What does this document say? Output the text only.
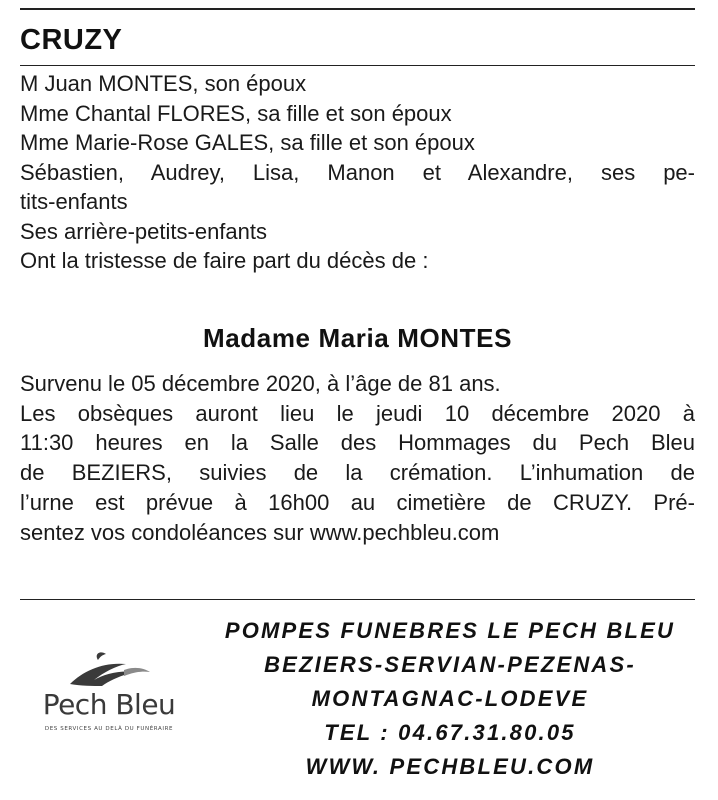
CRUZY
M Juan MONTES, son époux
Mme Chantal FLORES, sa fille et son époux
Mme Marie-Rose GALES, sa fille et son époux
Sébastien, Audrey, Lisa, Manon et Alexandre, ses pe-
tits-enfants
Ses arrière-petits-enfants
Ont la tristesse de faire part du décès de :
Madame Maria MONTES
Survenu le 05 décembre 2020, à l’âge de 81 ans.
Les obsèques auront lieu le jeudi 10 décembre 2020 à
11:30 heures en la Salle des Hommages du Pech Bleu
de BEZIERS, suivies de la crémation. L’inhumation de
l’urne est prévue à 16h00 au cimetière de CRUZY. Pré-
sentez vos condoléances sur www.pechbleu.com
Pech Bleu
DES SERVICES AU DELÀ DU FUNÉRAIRE
POMPES FUNEBRES LE PECH BLEU
BEZIERS-SERVIAN-PEZENAS-
MONTAGNAC-LODEVE
TEL : 04.67.31.80.05
WWW. PECHBLEU.COM
